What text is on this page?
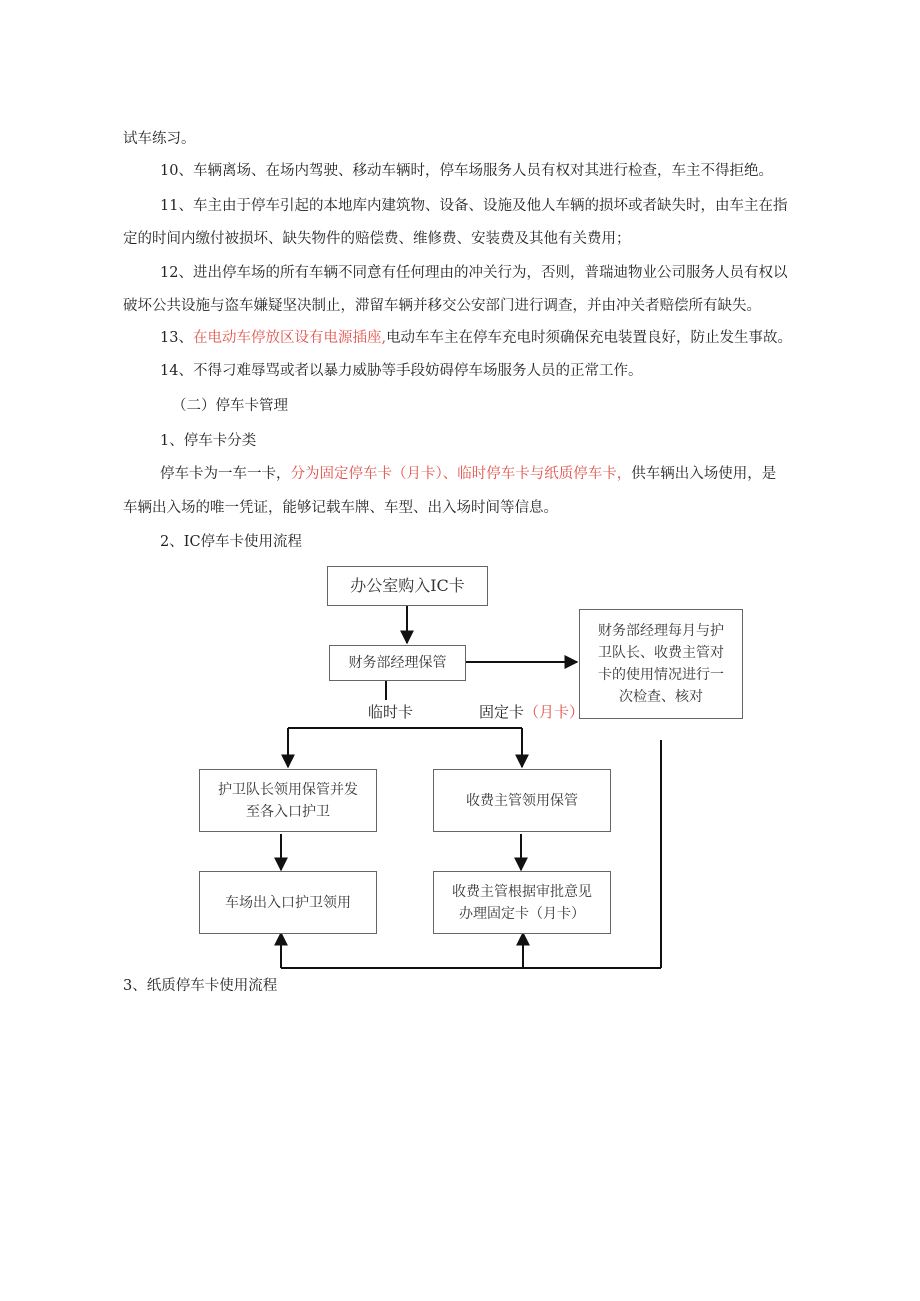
试车练习。
10、车辆离场、在场内驾驶、移动车辆时，停车场服务人员有权对其进行检查，车主不得拒绝。
11、车主由于停车引起的本地库内建筑物、设备、设施及他人车辆的损坏或者缺失时，由车主在指
定的时间内缴付被损坏、缺失物件的赔偿费、维修费、安装费及其他有关费用；
12、进出停车场的所有车辆不同意有任何理由的冲关行为，否则，普瑞迪物业公司服务人员有权以
破坏公共设施与盗车嫌疑坚决制止，滞留车辆并移交公安部门进行调查，并由冲关者赔偿所有缺失。
13、在电动车停放区设有电源插座,电动车车主在停车充电时须确保充电装置良好，防止发生事故。
14、不得刁难辱骂或者以暴力威胁等手段妨碍停车场服务人员的正常工作。
（二）停车卡管理
1、停车卡分类
停车卡为一车一卡，分为固定停车卡（月卡）、临时停车卡与纸质停车卡，供车辆出入场使用，是
车辆出入场的唯一凭证，能够记载车牌、车型、出入场时间等信息。
2、IC停车卡使用流程
办公室购入IC卡
财务部经理保管
财务部经理每月与护卫队长、收费主管对卡的使用情况进行一次检查、核对
临时卡	固定卡（月卡）
护卫队长领用保管并发至各入口护卫
收费主管领用保管
车场出入口护卫领用
收费主管根据审批意见办理固定卡（月卡）
3、纸质停车卡使用流程
